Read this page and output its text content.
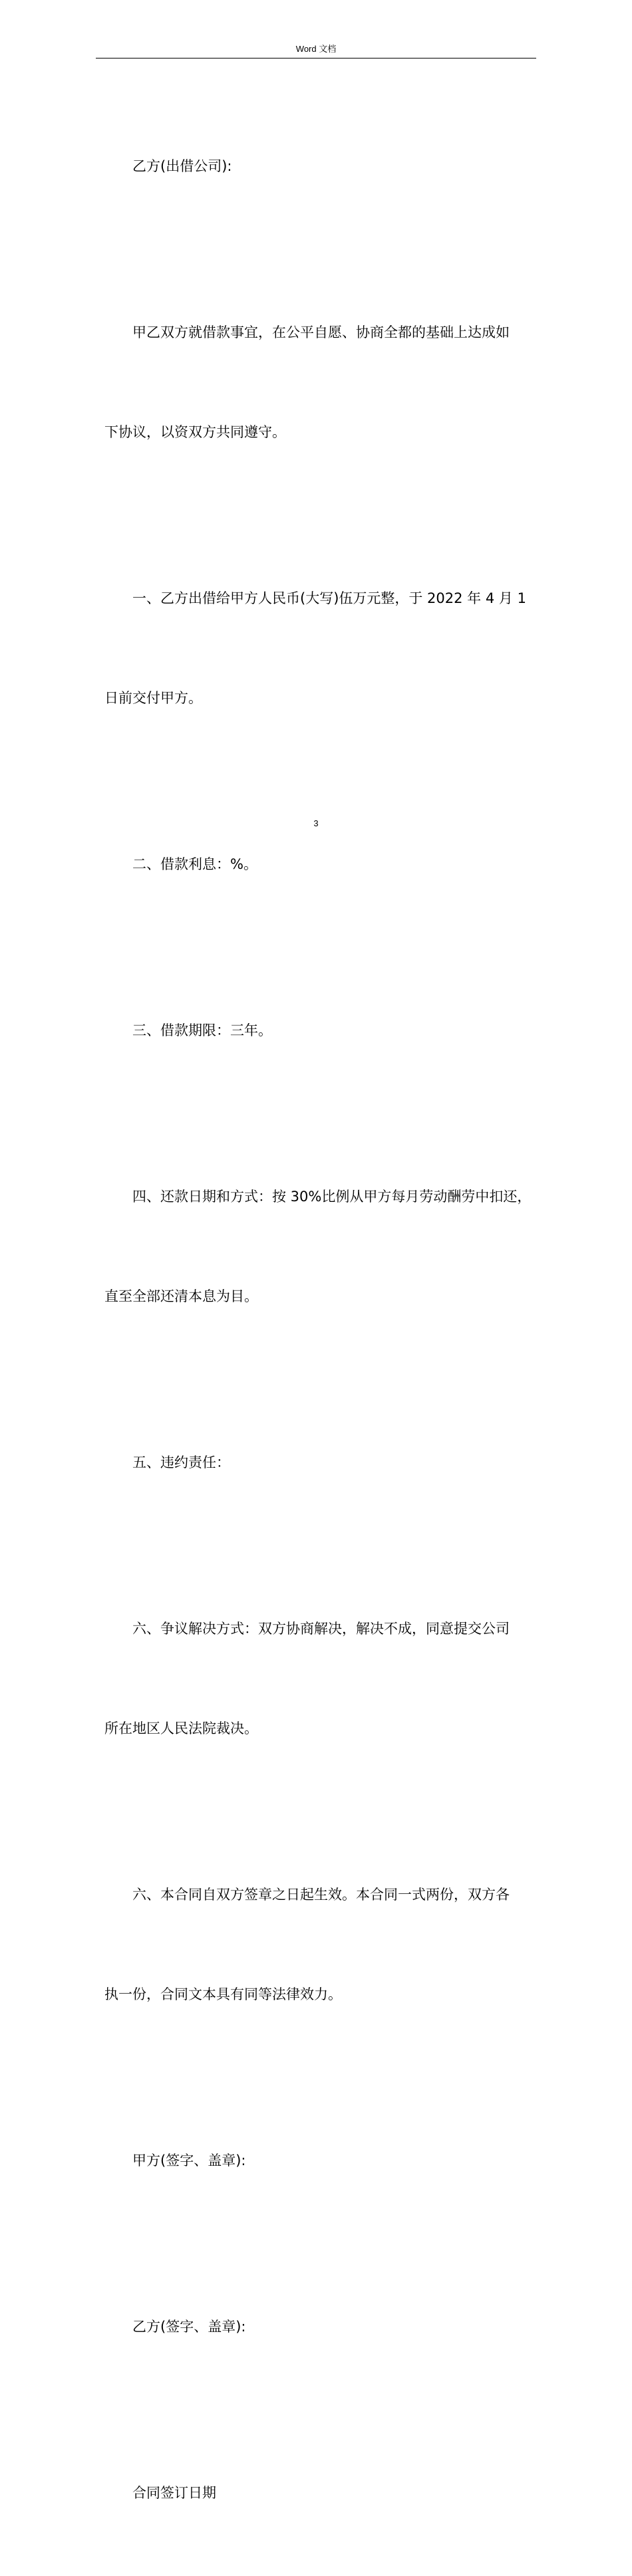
Word 文档

乙方(出借公司):

甲乙双方就借款事宜，在公平自愿、协商全都的基础上达成如

下协议，以资双方共同遵守。

一、乙方出借给甲方人民币(大写)伍万元整，于 2022 年 4 月 1

日前交付甲方。

二、借款利息：%。

三、借款期限：三年。

四、还款日期和方式：按 30%比例从甲方每月劳动酬劳中扣还，

直至全部还清本息为目。

五、违约责任：

六、争议解决方式：双方协商解决，解决不成，同意提交公司

所在地区人民法院裁决。

六、本合同自双方签章之日起生效。本合同一式两份，双方各

执一份，合同文本具有同等法律效力。

甲方(签字、盖章):

乙方(签字、盖章):

合同签订日期

3
